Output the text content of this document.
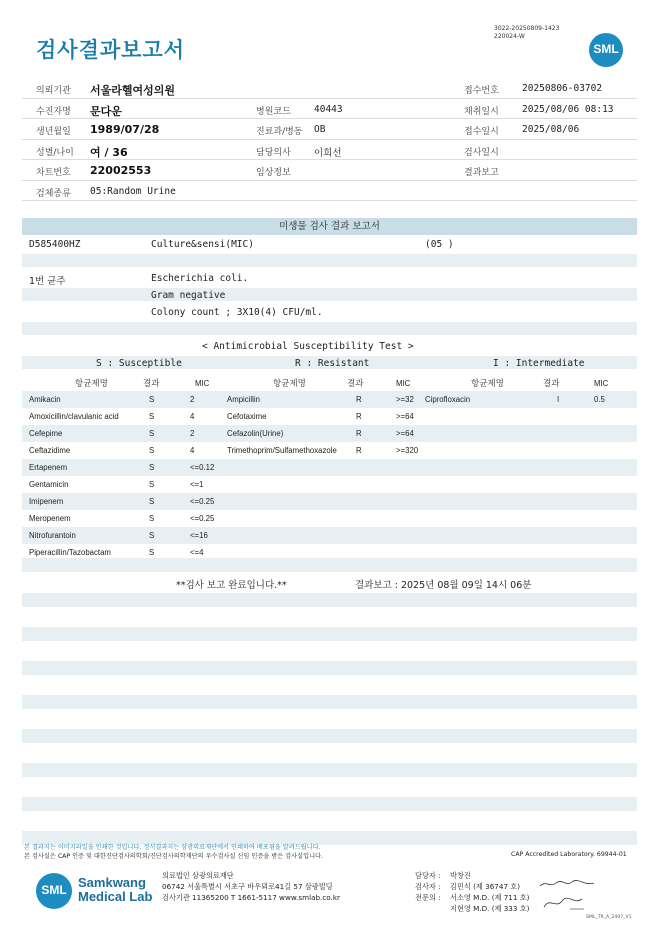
검사결과보고서
3022-20250809-1423
220024-W
SML
의뢰기관 서울라헬여성의원	접수번호 20250806-03702
수진자명 문다운	병원코드 40443	채취일시 2025/08/06 08:13
생년월일 1989/07/28	진료과/병동 OB	접수일시 2025/08/06
성별/나이 여 / 36	담당의사 이희선	검사일시
차트번호 22002553	임상정보	결과보고
검체종류 05:Random Urine
미생물 검사 결과 보고서
D585400HZ	Culture&sensi(MIC)	(05 )
1번 균주	Escherichia coli.
Gram negative
Colony count ; 3X10(4) CFU/ml.
< Antimicrobial Susceptibility Test >
S : Susceptible	R : Resistant	I : Intermediate
항균제명	결과	MIC	항균제명	결과	MIC	항균제명	결과	MIC
Amikacin	S	2	Ampicillin	R	>=32 Ciprofloxacin	I	0.5
Amoxicillin/clavulanic acid	S	4	Cefotaxime	R	>=64
Cefepime	S	2	Cefazolin(Urine)	R	>=64
Ceftazidime	S	4	Trimethoprim/Sulfamethoxazole R	>=320
Ertapenem	S	<=0.12
Gentamicin	S	<=1
Imipenem	S	<=0.25
Meropenem	S	<=0.25
Nitrofurantoin	S	<=16
Piperacillin/Tazobactam	S	<=4
**검사 보고 완료입니다.**	결과보고 : 2025년 08월 09일 14시 06분
본 결과지는 이미지파일을 인쇄한 것입니다. 정식결과지는 삼광의료재단에서 인쇄하여 배포됨을 알려드립니다.
본 검사실은 CAP 인증 및 대한진단검사의학회/진단검사의학재단의 우수검사실 신임 인증을 받은 검사실입니다.	CAP Accredited Laboratory. 69944-01
SML Samkwang
Medical Lab
의료법인 삼광의료재단
06742 서울특별시 서초구 바우뫼로41길 57 삼광빌딩
검사기관 11365200 T 1661-5117 www.smlab.co.kr
담당자 : 박창진
검사자 : 김민식 (제 36747 호)
전문의 : 서소영 M.D. (제 711 호)
지현영 M.D. (제 333 호)
SML_TR_A_2407_V1
